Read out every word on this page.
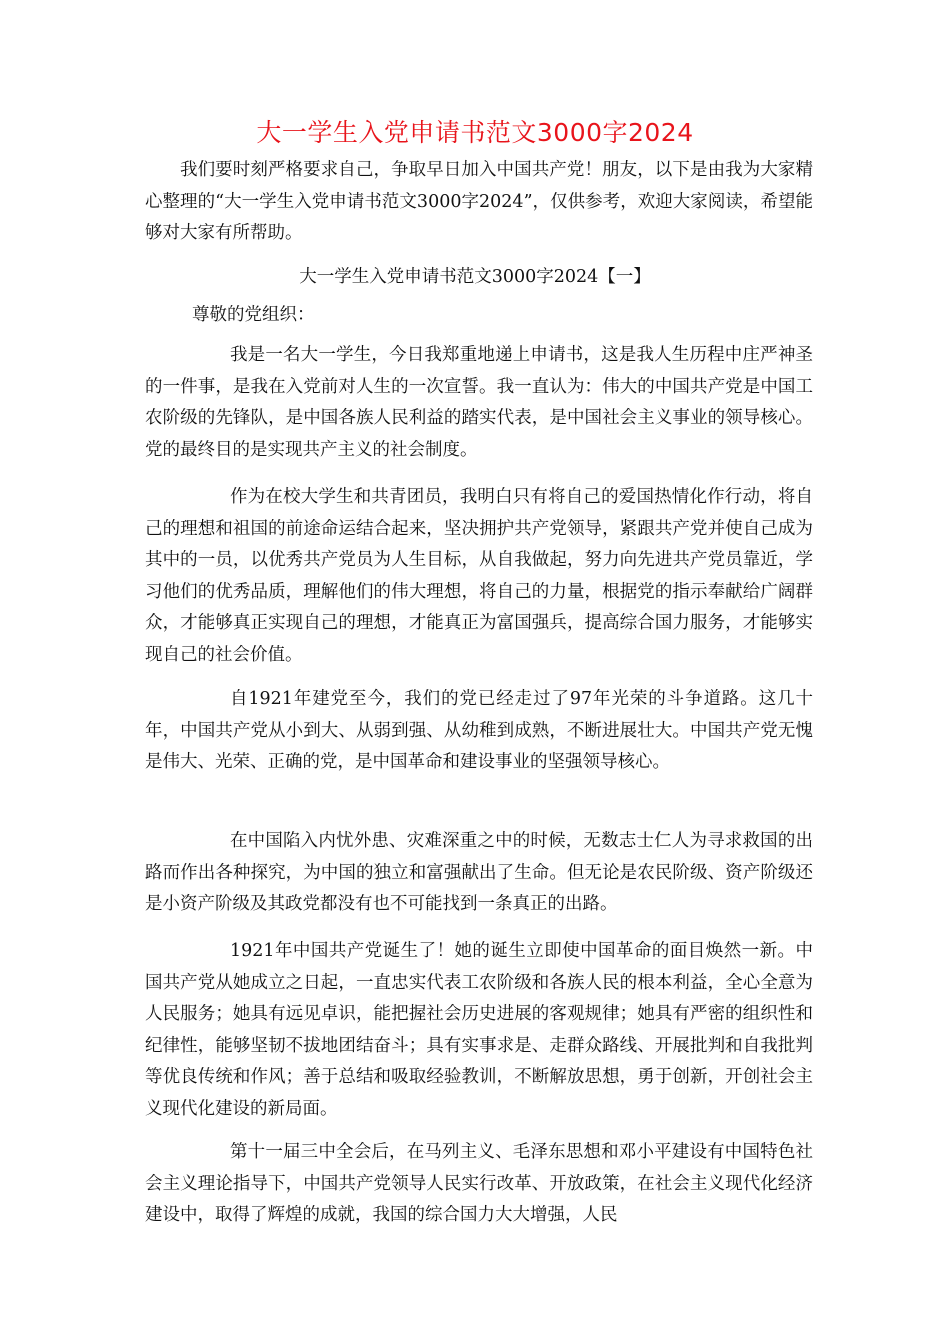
大一学生入党申请书范文3000字2024

我们要时刻严格要求自己，争取早日加入中国共产党！朋友，以下是由我为大家精心整理的“大一学生入党申请书范文3000字2024”，仅供参考，欢迎大家阅读，希望能够对大家有所帮助。

大一学生入党申请书范文3000字2024【一】

尊敬的党组织：

我是一名大一学生，今日我郑重地递上申请书，这是我人生历程中庄严神圣的一件事，是我在入党前对人生的一次宣誓。我一直认为：伟大的中国共产党是中国工农阶级的先锋队，是中国各族人民利益的踏实代表，是中国社会主义事业的领导核心。党的最终目的是实现共产主义的社会制度。

作为在校大学生和共青团员，我明白只有将自己的爱国热情化作行动，将自己的理想和祖国的前途命运结合起来，坚决拥护共产党领导，紧跟共产党并使自己成为其中的一员，以优秀共产党员为人生目标，从自我做起，努力向先进共产党员靠近，学习他们的优秀品质，理解他们的伟大理想，将自己的力量，根据党的指示奉献给广阔群众，才能够真正实现自己的理想，才能真正为富国强兵，提高综合国力服务，才能够实现自己的社会价值。

自1921年建党至今，我们的党已经走过了97年光荣的斗争道路。这几十年，中国共产党从小到大、从弱到强、从幼稚到成熟，不断进展壮大。中国共产党无愧是伟大、光荣、正确的党，是中国革命和建设事业的坚强领导核心。

在中国陷入内忧外患、灾难深重之中的时候，无数志士仁人为寻求救国的出路而作出各种探究，为中国的独立和富强献出了生命。但无论是农民阶级、资产阶级还是小资产阶级及其政党都没有也不可能找到一条真正的出路。

1921年中国共产党诞生了！她的诞生立即使中国革命的面目焕然一新。中国共产党从她成立之日起，一直忠实代表工农阶级和各族人民的根本利益，全心全意为人民服务；她具有远见卓识，能把握社会历史进展的客观规律；她具有严密的组织性和纪律性，能够坚韧不拔地团结奋斗；具有实事求是、走群众路线、开展批判和自我批判等优良传统和作风；善于总结和吸取经验教训，不断解放思想，勇于创新，开创社会主义现代化建设的新局面。

第十一届三中全会后，在马列主义、毛泽东思想和邓小平建设有中国特色社会主义理论指导下，中国共产党领导人民实行改革、开放政策，在社会主义现代化经济建设中，取得了辉煌的成就，我国的综合国力大大增强，人民
